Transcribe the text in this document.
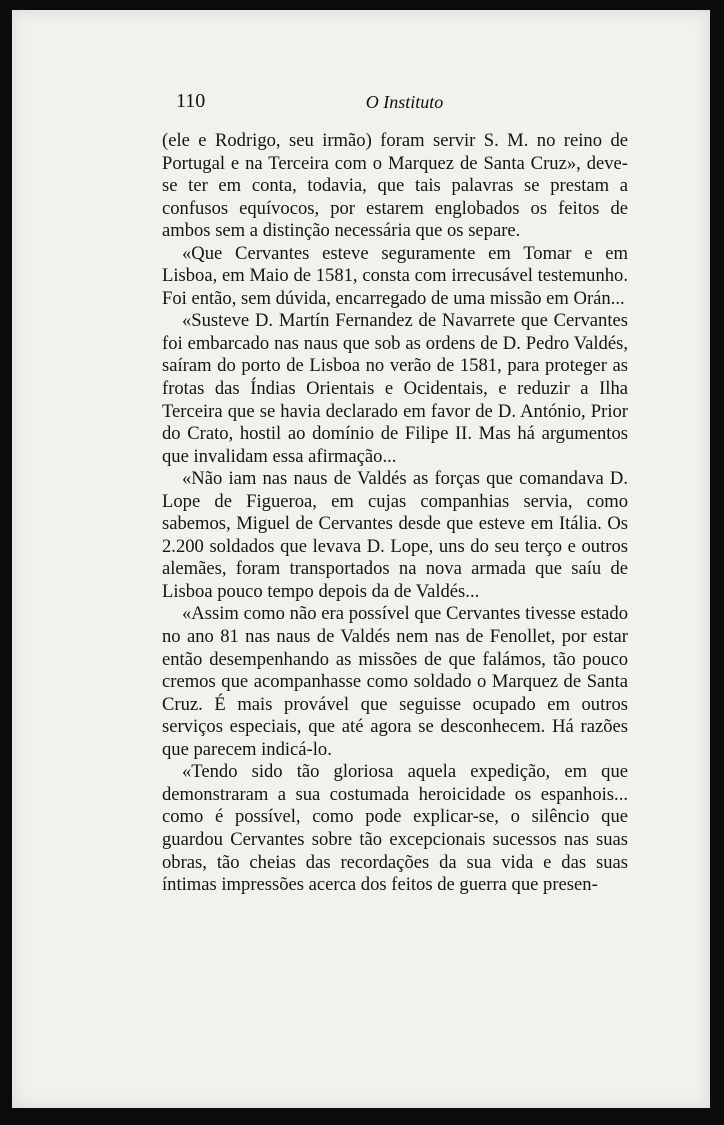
110	O Instituto

(ele e Rodrigo, seu irmão) foram servir S. M. no reino de Portugal e na Terceira com o Marquez de Santa Cruz», deve-se ter em conta, todavia, que tais palavras se prestam a confusos equívocos, por estarem englobados os feitos de ambos sem a distinção necessária que os separe.

«Que Cervantes esteve seguramente em Tomar e em Lisboa, em Maio de 1581, consta com irrecusável testemunho. Foi então, sem dúvida, encarregado de uma missão em Orán...

«Susteve D. Martín Fernandez de Navarrete que Cervantes foi embarcado nas naus que sob as ordens de D. Pedro Valdés, saíram do porto de Lisboa no verão de 1581, para proteger as frotas das Índias Orientais e Ocidentais, e reduzir a Ilha Terceira que se havia declarado em favor de D. António, Prior do Crato, hostil ao domínio de Filipe II. Mas há argumentos que invalidam essa afirmação...

«Não iam nas naus de Valdés as forças que comandava D. Lope de Figueroa, em cujas companhias servia, como sabemos, Miguel de Cervantes desde que esteve em Itália. Os 2.200 soldados que levava D. Lope, uns do seu terço e outros alemães, foram transportados na nova armada que saíu de Lisboa pouco tempo depois da de Valdés...

«Assim como não era possível que Cervantes tivesse estado no ano 81 nas naus de Valdés nem nas de Fenollet, por estar então desempenhando as missões de que falámos, tão pouco cremos que acompanhasse como soldado o Marquez de Santa Cruz. É mais provável que seguisse ocupado em outros serviços especiais, que até agora se desconhecem. Há razões que parecem indicá-lo.

«Tendo sido tão gloriosa aquela expedição, em que demonstraram a sua costumada heroicidade os espanhois... como é possível, como pode explicar-se, o silêncio que guardou Cervantes sobre tão excepcionais sucessos nas suas obras, tão cheias das recordações da sua vida e das suas íntimas impressões acerca dos feitos de guerra que presen-
